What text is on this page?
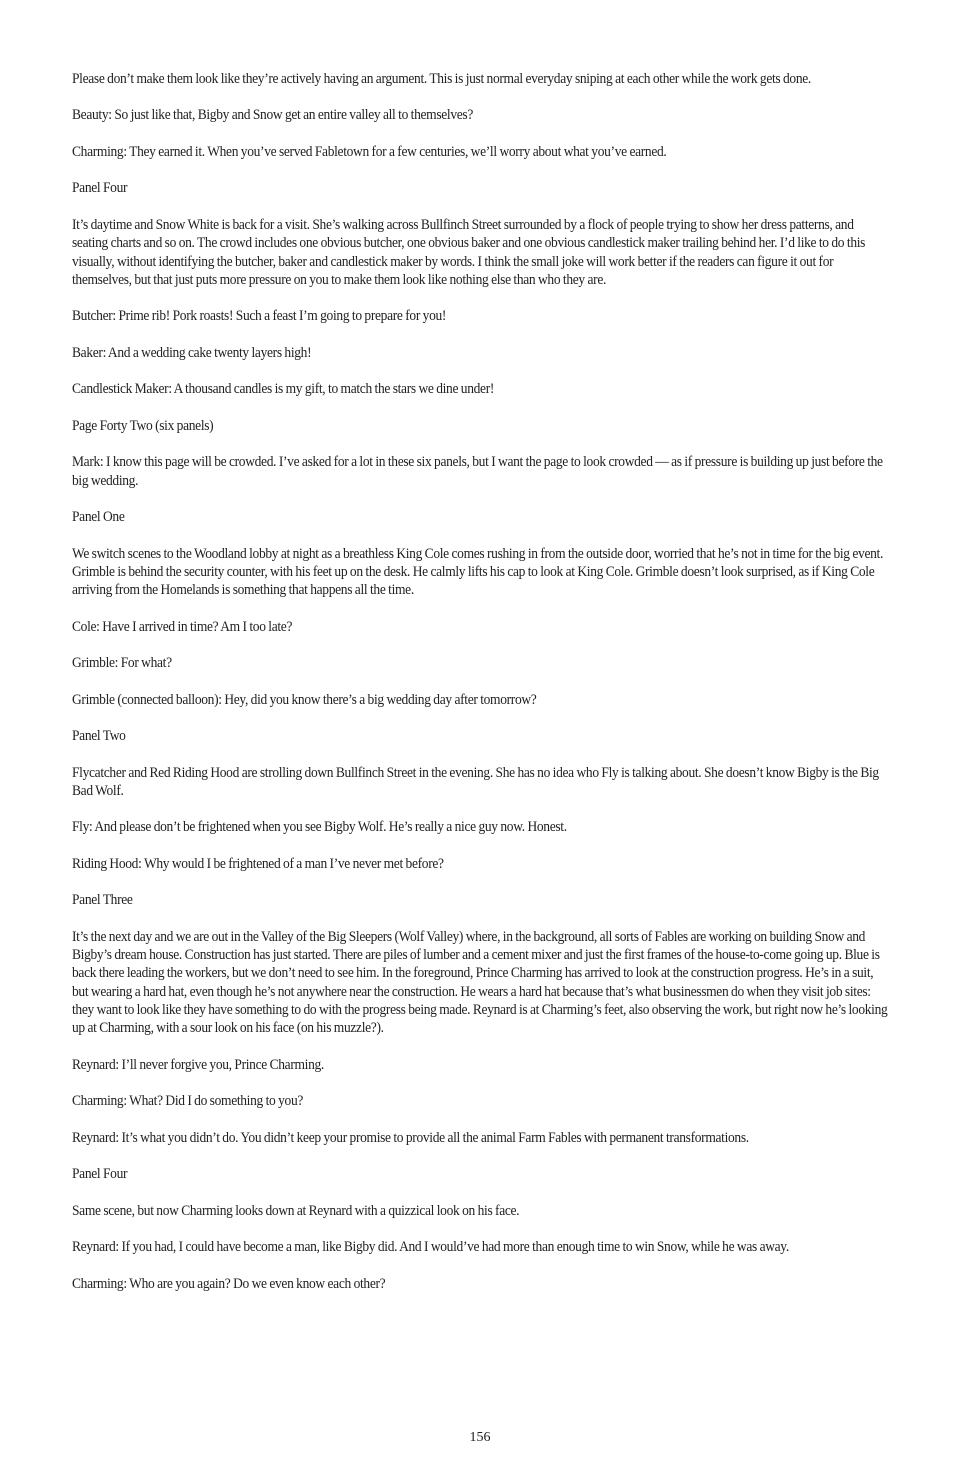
Please don’t make them look like they’re actively having an argument. This is just normal everyday sniping at each other while the work gets done.

Beauty: So just like that, Bigby and Snow get an entire valley all to themselves?

Charming: They earned it. When you’ve served Fabletown for a few centuries, we’ll worry about what you’ve earned.

Panel Four

It’s daytime and Snow White is back for a visit. She’s walking across Bullfinch Street surrounded by a flock of people trying to show her dress patterns, and seating charts and so on. The crowd includes one obvious butcher, one obvious baker and one obvious candlestick maker trailing behind her. I’d like to do this visually, without identifying the butcher, baker and candlestick maker by words. I think the small joke will work better if the readers can figure it out for themselves, but that just puts more pressure on you to make them look like nothing else than who they are.

Butcher: Prime rib! Pork roasts! Such a feast I’m going to prepare for you!

Baker: And a wedding cake twenty layers high!

Candlestick Maker: A thousand candles is my gift, to match the stars we dine under!

Page Forty Two (six panels)

Mark: I know this page will be crowded. I’ve asked for a lot in these six panels, but I want the page to look crowded — as if pressure is building up just before the big wedding.

Panel One

We switch scenes to the Woodland lobby at night as a breathless King Cole comes rushing in from the outside door, worried that he’s not in time for the big event. Grimble is behind the security counter, with his feet up on the desk. He calmly lifts his cap to look at King Cole. Grimble doesn’t look surprised, as if King Cole arriving from the Homelands is something that happens all the time.

Cole: Have I arrived in time? Am I too late?

Grimble: For what?

Grimble (connected balloon): Hey, did you know there’s a big wedding day after tomorrow?

Panel Two

Flycatcher and Red Riding Hood are strolling down Bullfinch Street in the evening. She has no idea who Fly is talking about. She doesn’t know Bigby is the Big Bad Wolf.

Fly: And please don’t be frightened when you see Bigby Wolf. He’s really a nice guy now. Honest.

Riding Hood: Why would I be frightened of a man I’ve never met before?

Panel Three

It’s the next day and we are out in the Valley of the Big Sleepers (Wolf Valley) where, in the background, all sorts of Fables are working on building Snow and Bigby’s dream house. Construction has just started. There are piles of lumber and a cement mixer and just the first frames of the house-to-come going up. Blue is back there leading the workers, but we don’t need to see him. In the foreground, Prince Charming has arrived to look at the construction progress. He’s in a suit, but wearing a hard hat, even though he’s not anywhere near the construction. He wears a hard hat because that’s what businessmen do when they visit job sites: they want to look like they have something to do with the progress being made. Reynard is at Charming’s feet, also observing the work, but right now he’s looking up at Charming, with a sour look on his face (on his muzzle?).

Reynard: I’ll never forgive you, Prince Charming.

Charming: What? Did I do something to you?

Reynard: It’s what you didn’t do. You didn’t keep your promise to provide all the animal Farm Fables with permanent transformations.

Panel Four

Same scene, but now Charming looks down at Reynard with a quizzical look on his face.

Reynard: If you had, I could have become a man, like Bigby did. And I would’ve had more than enough time to win Snow, while he was away.

Charming: Who are you again? Do we even know each other?

156
